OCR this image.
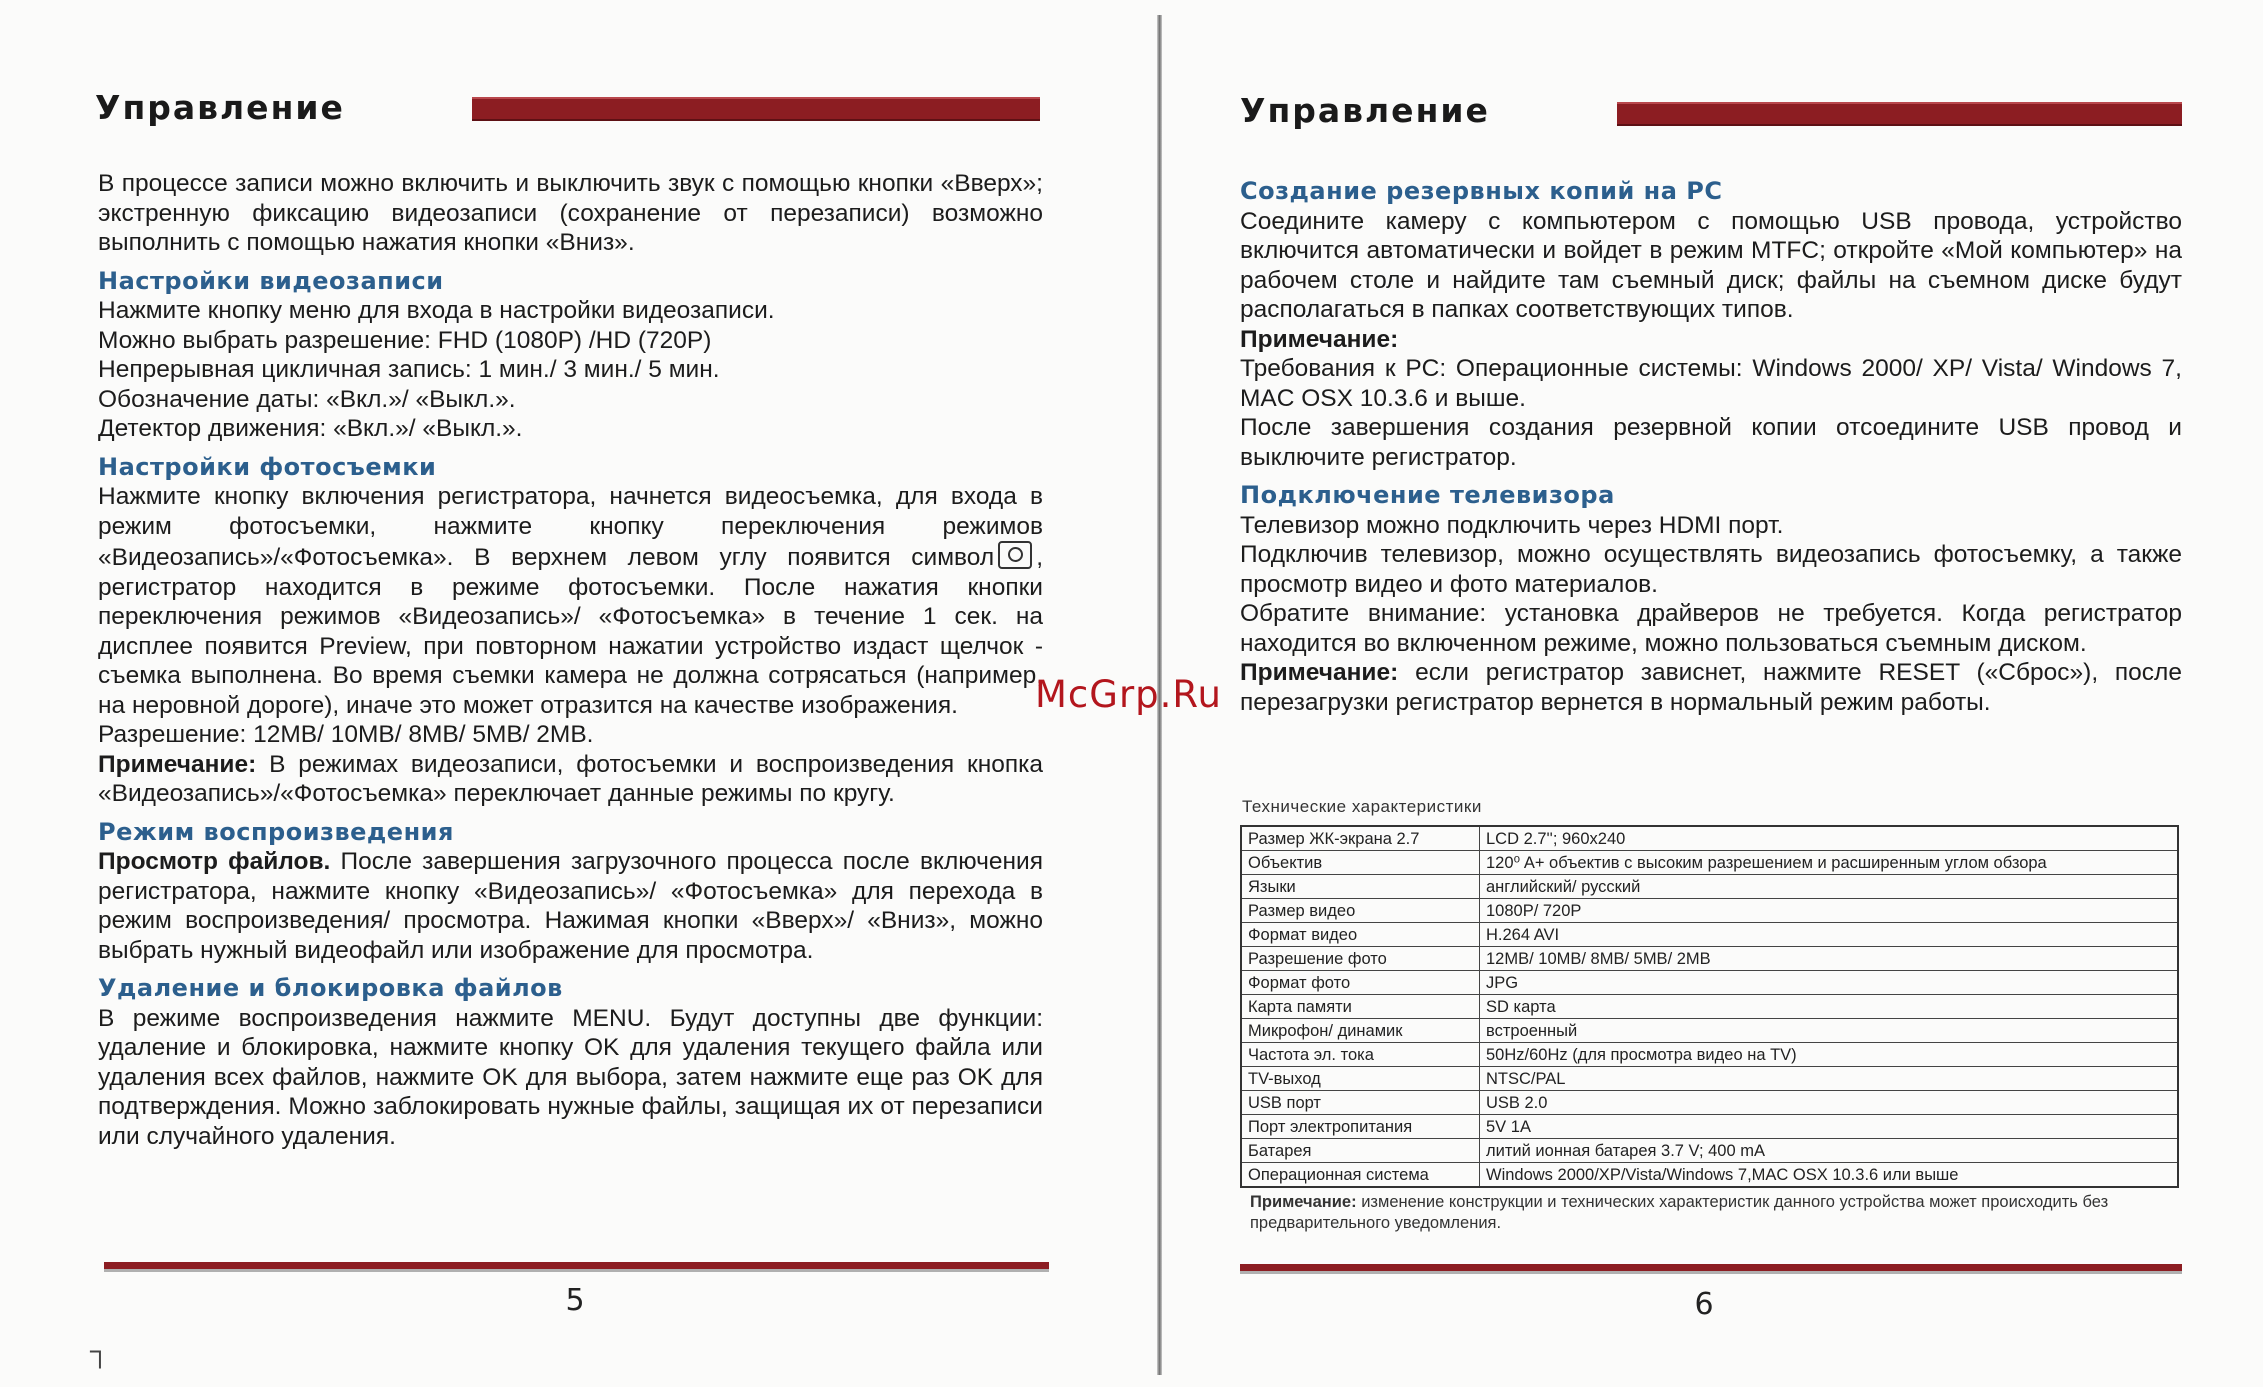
Управление

В процессе записи можно включить и выключить звук с помощью кнопки «Вверх»; экстренную фиксацию видеозаписи (сохранение от перезаписи) возможно выполнить с помощью нажатия кнопки «Вниз».

Настройки видеозаписи

Нажмите кнопку меню для входа в настройки видеозаписи.

Можно выбрать разрешение: FHD (1080P) /HD (720P)

Непрерывная цикличная запись: 1 мин./ 3 мин./ 5 мин.

Обозначение даты: «Вкл.»/ «Выкл.».

Детектор движения: «Вкл.»/ «Выкл.».

Настройки фотосъемки

Нажмите кнопку включения регистратора, начнется видеосъемка, для входа в режим фотосъемки, нажмите кнопку переключения режимов «Видеозапись»/«Фотосъемка». В верхнем левом углу появится символ , регистратор находится в режиме фотосъемки. После нажатия кнопки переключения режимов «Видеозапись»/ «Фотосъемка» в течение 1 сек. на дисплее появится Preview, при повторном нажатии устройство издаст щелчок - съемка выполнена. Во время съемки камера не должна сотрясаться (например, на неровной дороге), иначе это может отразится на качестве изображения.

Разрешение: 12MB/ 10MB/ 8MB/ 5MB/ 2MB.

Примечание: В режимах видеозаписи, фотосъемки и воспроизведения кнопка «Видеозапись»/«Фотосъемка» переключает данные режимы по кругу.

Режим воспроизведения

Просмотр файлов. После завершения загрузочного процесса после включения регистратора, нажмите кнопку «Видеозапись»/ «Фотосъемка» для перехода в режим воспроизведения/ просмотра. Нажимая кнопки «Вверх»/ «Вниз», можно выбрать нужный видеофайл или изображение для просмотра.

Удаление и блокировка файлов

В режиме воспроизведения нажмите MENU. Будут доступны две функции: удаление и блокировка, нажмите кнопку OK для удаления текущего файла или удаления всех файлов, нажмите OK для выбора, затем нажмите еще раз OK для подтверждения. Можно заблокировать нужные файлы, защищая их от перезаписи или случайного удаления.

5
┐
Управление
Создание резервных копий на PC

Соедините камеру с компьютером с помощью USB провода, устройство включится автоматически и войдет в режим MTFC; откройте «Мой компьютер» на рабочем столе и найдите там съемный диск; файлы на съемном диске будут располагаться в папках соответствующих типов.

Примечание:

Требования к PC: Операционные системы: Windows 2000/ XP/ Vista/ Windows 7, MAC OSX 10.3.6 и выше.

После завершения создания резервной копии отсоедините USB провод и выключите регистратор.

Подключение телевизора

Телевизор можно подключить через HDMI порт.

Подключив телевизор, можно осуществлять видеозапись фотосъемку, а также просмотр видео и фото материалов.

Обратите внимание: установка драйверов не требуется. Когда регистратор находится во включенном режиме, можно пользоваться съемным диском.

Примечание: если регистратор зависнет, нажмите RESET («Сброс»), после перезагрузки регистратор вернется в нормальный режим работы.

Технические характеристики
Размер ЖК-экрана 2.7	LCD 2.7''; 960x240
Объектив	120⁰ A+ объектив с высоким разрешением и расширенным углом обзора
Языки	английский/ русский
Размер видео	1080P/ 720P
Формат видео	H.264 AVI
Разрешение фото	12MB/ 10MB/ 8MB/ 5MB/ 2MB
Формат фото	JPG
Карта памяти	SD карта
Микрофон/ динамик	встроенный
Частота эл. тока	50Hz/60Hz (для просмотра видео на TV)
TV-выход	NTSC/PAL
USB порт	USB 2.0
Порт электропитания	5V 1A
Батарея	литий ионная батарея 3.7 V; 400 mA
Операционная система	Windows 2000/XP/Vista/Windows 7,MAC OSX 10.3.6 или выше
Примечание: изменение конструкции и технических характеристик данного устройства может происходить без предварительного уведомления.
6
McGrp.Ru
